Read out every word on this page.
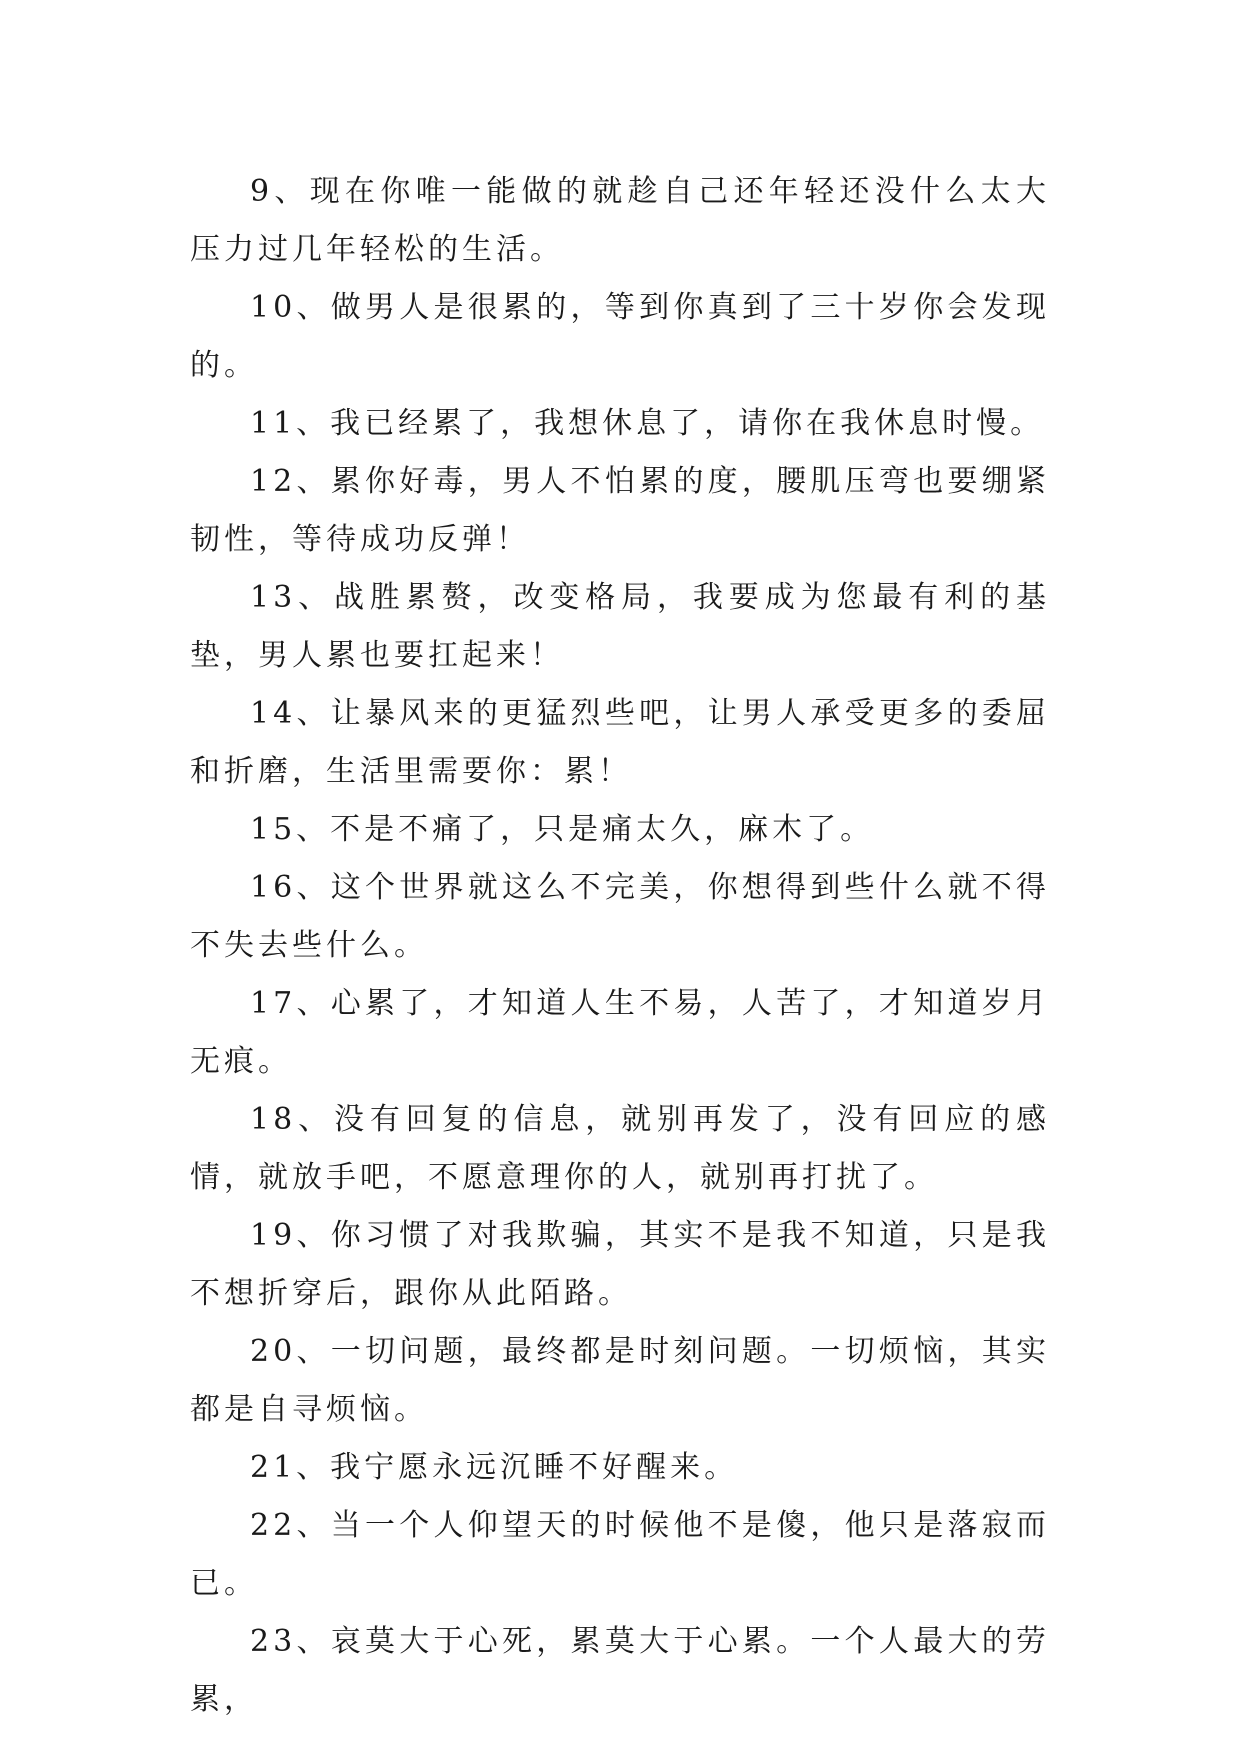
9、现在你唯一能做的就趁自己还年轻还没什么太大压力过几年轻松的生活。

10、做男人是很累的，等到你真到了三十岁你会发现的。

11、我已经累了，我想休息了，请你在我休息时慢。

12、累你好毒，男人不怕累的度，腰肌压弯也要绷紧韧性，等待成功反弹！

13、战胜累赘，改变格局，我要成为您最有利的基垫，男人累也要扛起来！

14、让暴风来的更猛烈些吧，让男人承受更多的委屈和折磨，生活里需要你：累！

15、不是不痛了，只是痛太久，麻木了。

16、这个世界就这么不完美，你想得到些什么就不得不失去些什么。

17、心累了，才知道人生不易，人苦了，才知道岁月无痕。

18、没有回复的信息，就别再发了，没有回应的感情，就放手吧，不愿意理你的人，就别再打扰了。

19、你习惯了对我欺骗，其实不是我不知道，只是我不想折穿后，跟你从此陌路。

20、一切问题，最终都是时刻问题。一切烦恼，其实都是自寻烦恼。

21、我宁愿永远沉睡不好醒来。

22、当一个人仰望天的时候他不是傻，他只是落寂而已。

23、哀莫大于心死，累莫大于心累。一个人最大的劳累，
